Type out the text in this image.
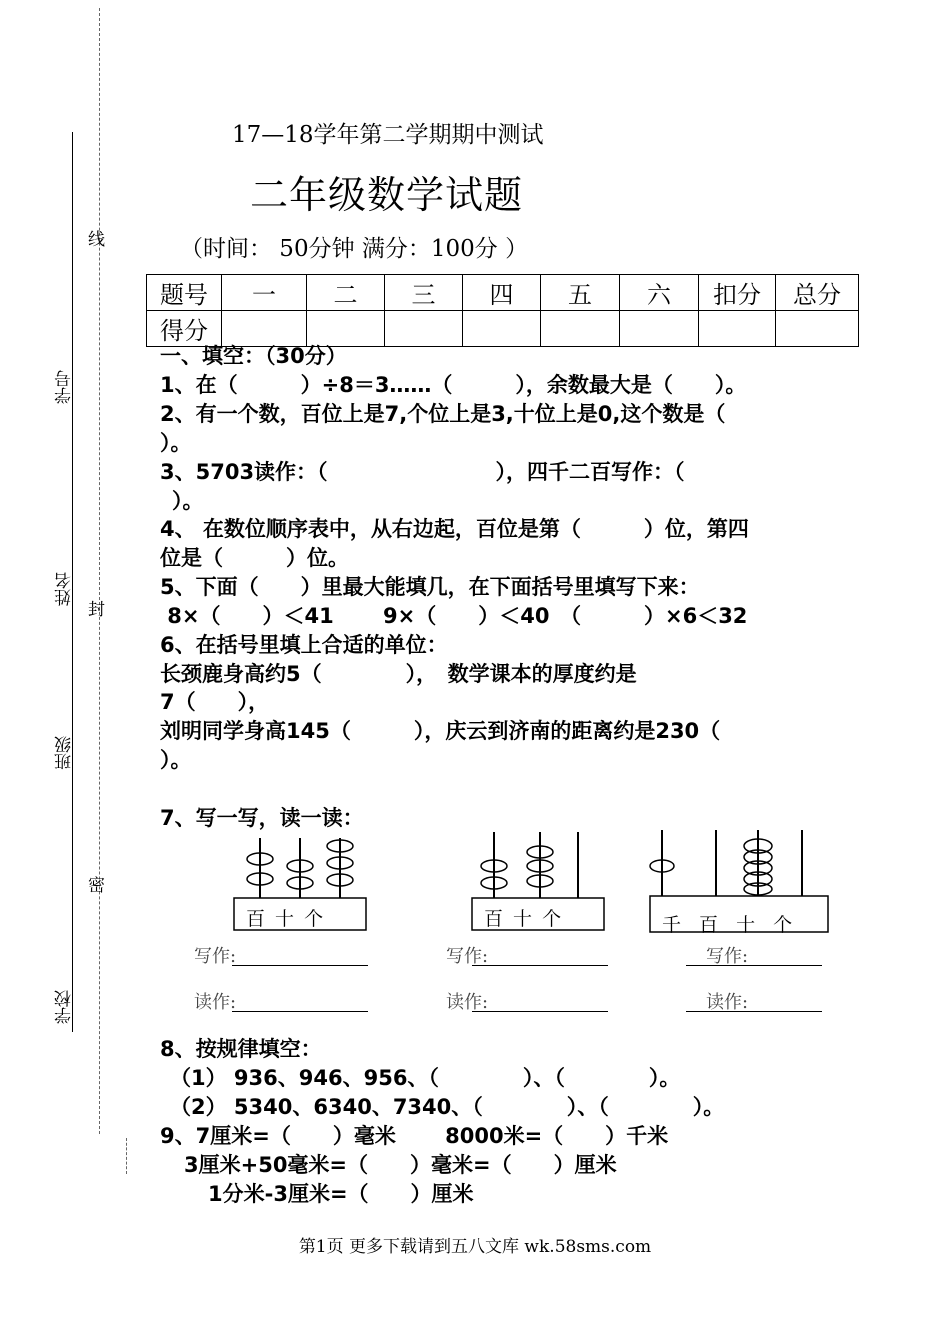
学号
姓名
班级
学校
线
封
密
17—18学年第二学期期中测试
二年级数学试题
（时间： 50分钟 满分：100分 ）
题号	一	二	三	四	五	六	扣分	总分
得分								
一、填空：（30分）
1、在（　　　）÷8＝3……（　　　），余数最大是（　　）。
2、有一个数，百位上是7,个位上是3,十位上是0,这个数是（
）。
3、5703读作：（　　　　　　　　），四千二百写作：（
）。
4、 在数位顺序表中，从右边起，百位是第（　　　）位，第四
位是（　　　）位。
5、下面（　　）里最大能填几，在下面括号里填写下来：
8×（　　）＜41　　 9×（　　）＜40　（　　　）×6＜32
6、在括号里填上合适的单位：
长颈鹿身高约5（　　　　），　数学课本的厚度约是
7（　　），
刘明同学身高145（　　　），庆云到济南的距离约是230（
）。
7、写一写，读一读：
百 十 个	百 十 个	千 百 十 个
写作:
读作:
写作:
读作:
写作:
读作:
8、按规律填空：
（1） 936、946、956、（　　　　）、（　　　　）。
（2） 5340、6340、7340、（　　　　）、（　　　　）。
9、7厘米=（　　）毫米　　 8000米=（　　）千米
3厘米+50毫米=（　　）毫米=（　　）厘米
1分米-3厘米=（　　）厘米
第1页 更多下载请到五八文库 wk.58sms.com
